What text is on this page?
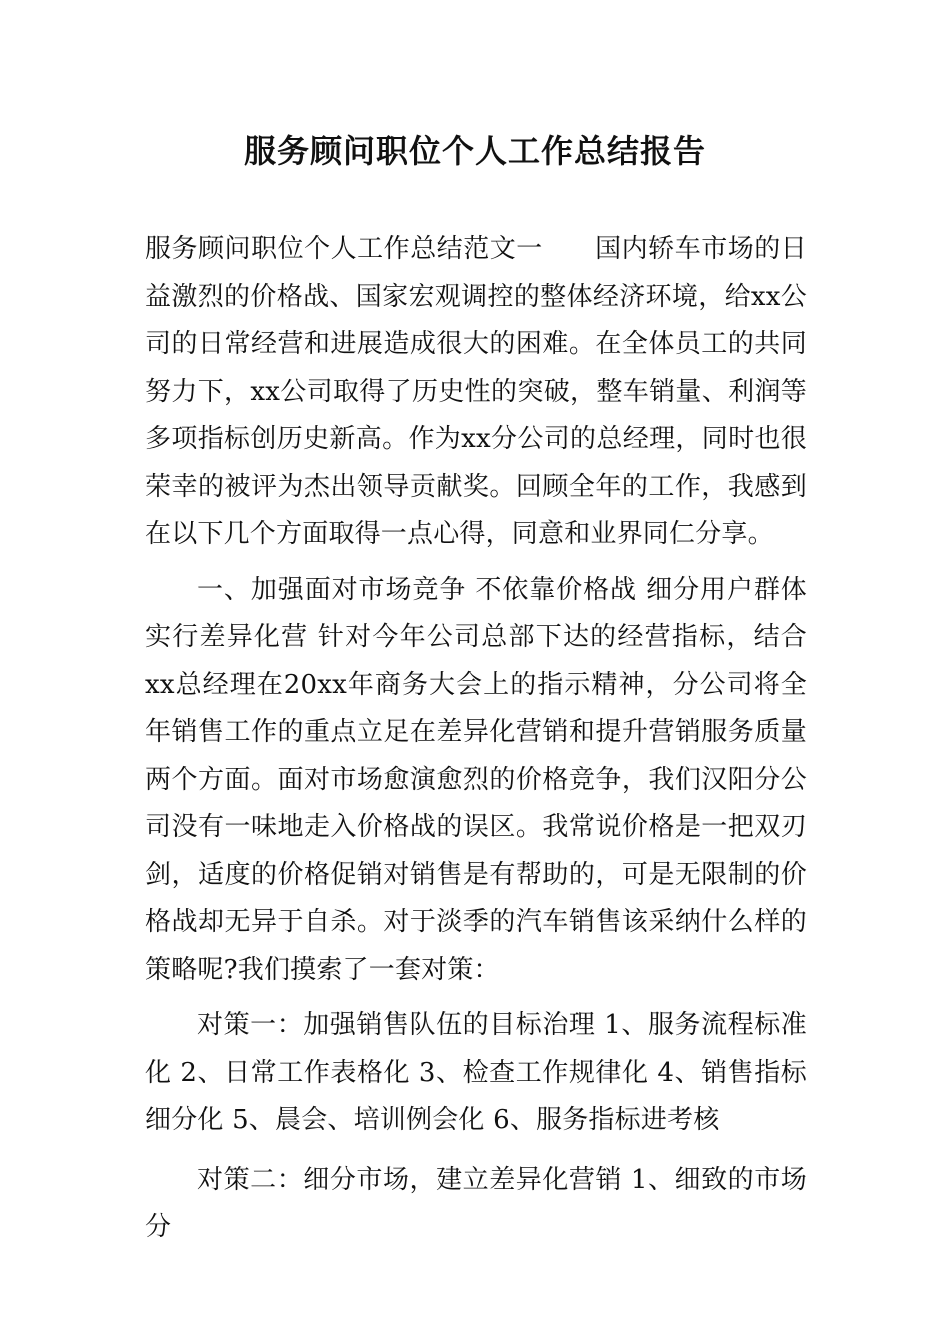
服务顾问职位个人工作总结报告

服务顾问职位个人工作总结范文一 国内轿车市场的日益激烈的价格战、国家宏观调控的整体经济环境，给xx公司的日常经营和进展造成很大的困难。在全体员工的共同努力下，xx公司取得了历史性的突破，整车销量、利润等多项指标创历史新高。作为xx分公司的总经理，同时也很荣幸的被评为杰出领导贡献奖。回顾全年的工作，我感到在以下几个方面取得一点心得，同意和业界同仁分享。

一、加强面对市场竞争 不依靠价格战 细分用户群体实行差异化营 针对今年公司总部下达的经营指标，结合xx总经理在20xx年商务大会上的指示精神，分公司将全年销售工作的重点立足在差异化营销和提升营销服务质量两个方面。面对市场愈演愈烈的价格竞争，我们汉阳分公司没有一味地走入价格战的误区。我常说价格是一把双刃剑，适度的价格促销对销售是有帮助的，可是无限制的价格战却无异于自杀。对于淡季的汽车销售该采纳什么样的策略呢?我们摸索了一套对策：

对策一：加强销售队伍的目标治理 1、服务流程标准化 2、日常工作表格化 3、检查工作规律化 4、销售指标细分化 5、晨会、培训例会化 6、服务指标进考核

对策二：细分市场，建立差异化营销 1、细致的市场分
